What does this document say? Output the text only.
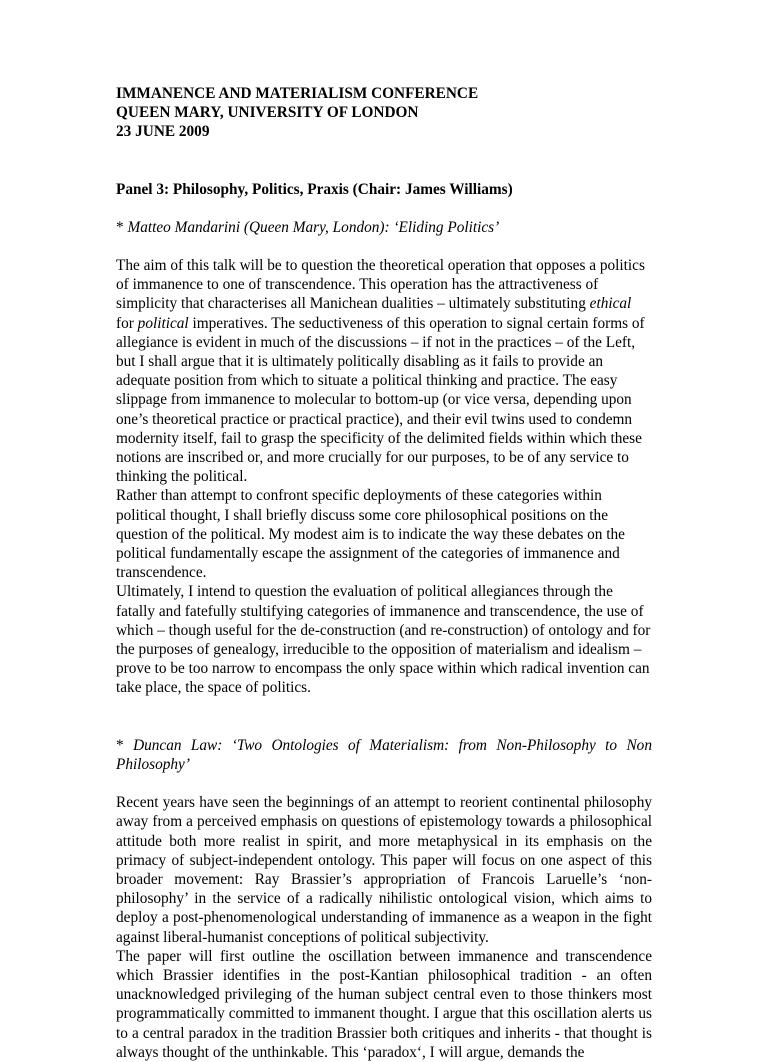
IMMANENCE AND MATERIALISM CONFERENCE
QUEEN MARY, UNIVERSITY OF LONDON
23 JUNE 2009

Panel 3: Philosophy, Politics, Praxis (Chair: James Williams)

* Matteo Mandarini (Queen Mary, London): ‘Eliding Politics’

The aim of this talk will be to question the theoretical operation that opposes a politics of immanence to one of transcendence. This operation has the attractiveness of simplicity that characterises all Manichean dualities – ultimately substituting ethical for political imperatives. The seductiveness of this operation to signal certain forms of allegiance is evident in much of the discussions – if not in the practices – of the Left, but I shall argue that it is ultimately politically disabling as it fails to provide an adequate position from which to situate a political thinking and practice. The easy slippage from immanence to molecular to bottom-up (or vice versa, depending upon one’s theoretical practice or practical practice), and their evil twins used to condemn modernity itself, fail to grasp the specificity of the delimited fields within which these notions are inscribed or, and more crucially for our purposes, to be of any service to thinking the political.

Rather than attempt to confront specific deployments of these categories within political thought, I shall briefly discuss some core philosophical positions on the question of the political. My modest aim is to indicate the way these debates on the political fundamentally escape the assignment of the categories of immanence and transcendence.

Ultimately, I intend to question the evaluation of political allegiances through the fatally and fatefully stultifying categories of immanence and transcendence, the use of which – though useful for the de-construction (and re-construction) of ontology and for the purposes of genealogy, irreducible to the opposition of materialism and idealism – prove to be too narrow to encompass the only space within which radical invention can take place, the space of politics.

* Duncan Law: ‘Two Ontologies of Materialism: from Non-Philosophy to Non Philosophy’

Recent years have seen the beginnings of an attempt to reorient continental philosophy away from a perceived emphasis on questions of epistemology towards a philosophical attitude both more realist in spirit, and more metaphysical in its emphasis on the primacy of subject-independent ontology. This paper will focus on one aspect of this broader movement: Ray Brassier’s appropriation of Francois Laruelle’s ‘non-philosophy’ in the service of a radically nihilistic ontological vision, which aims to deploy a post-phenomenological understanding of immanence as a weapon in the fight against liberal-humanist conceptions of political subjectivity.

The paper will first outline the oscillation between immanence and transcendence which Brassier identifies in the post-Kantian philosophical tradition - an often unacknowledged privileging of the human subject central even to those thinkers most programmatically committed to immanent thought. I argue that this oscillation alerts us to a central paradox in the tradition Brassier both critiques and inherits - that thought is always thought of the unthinkable. This ‘paradox‘, I will argue, demands the
